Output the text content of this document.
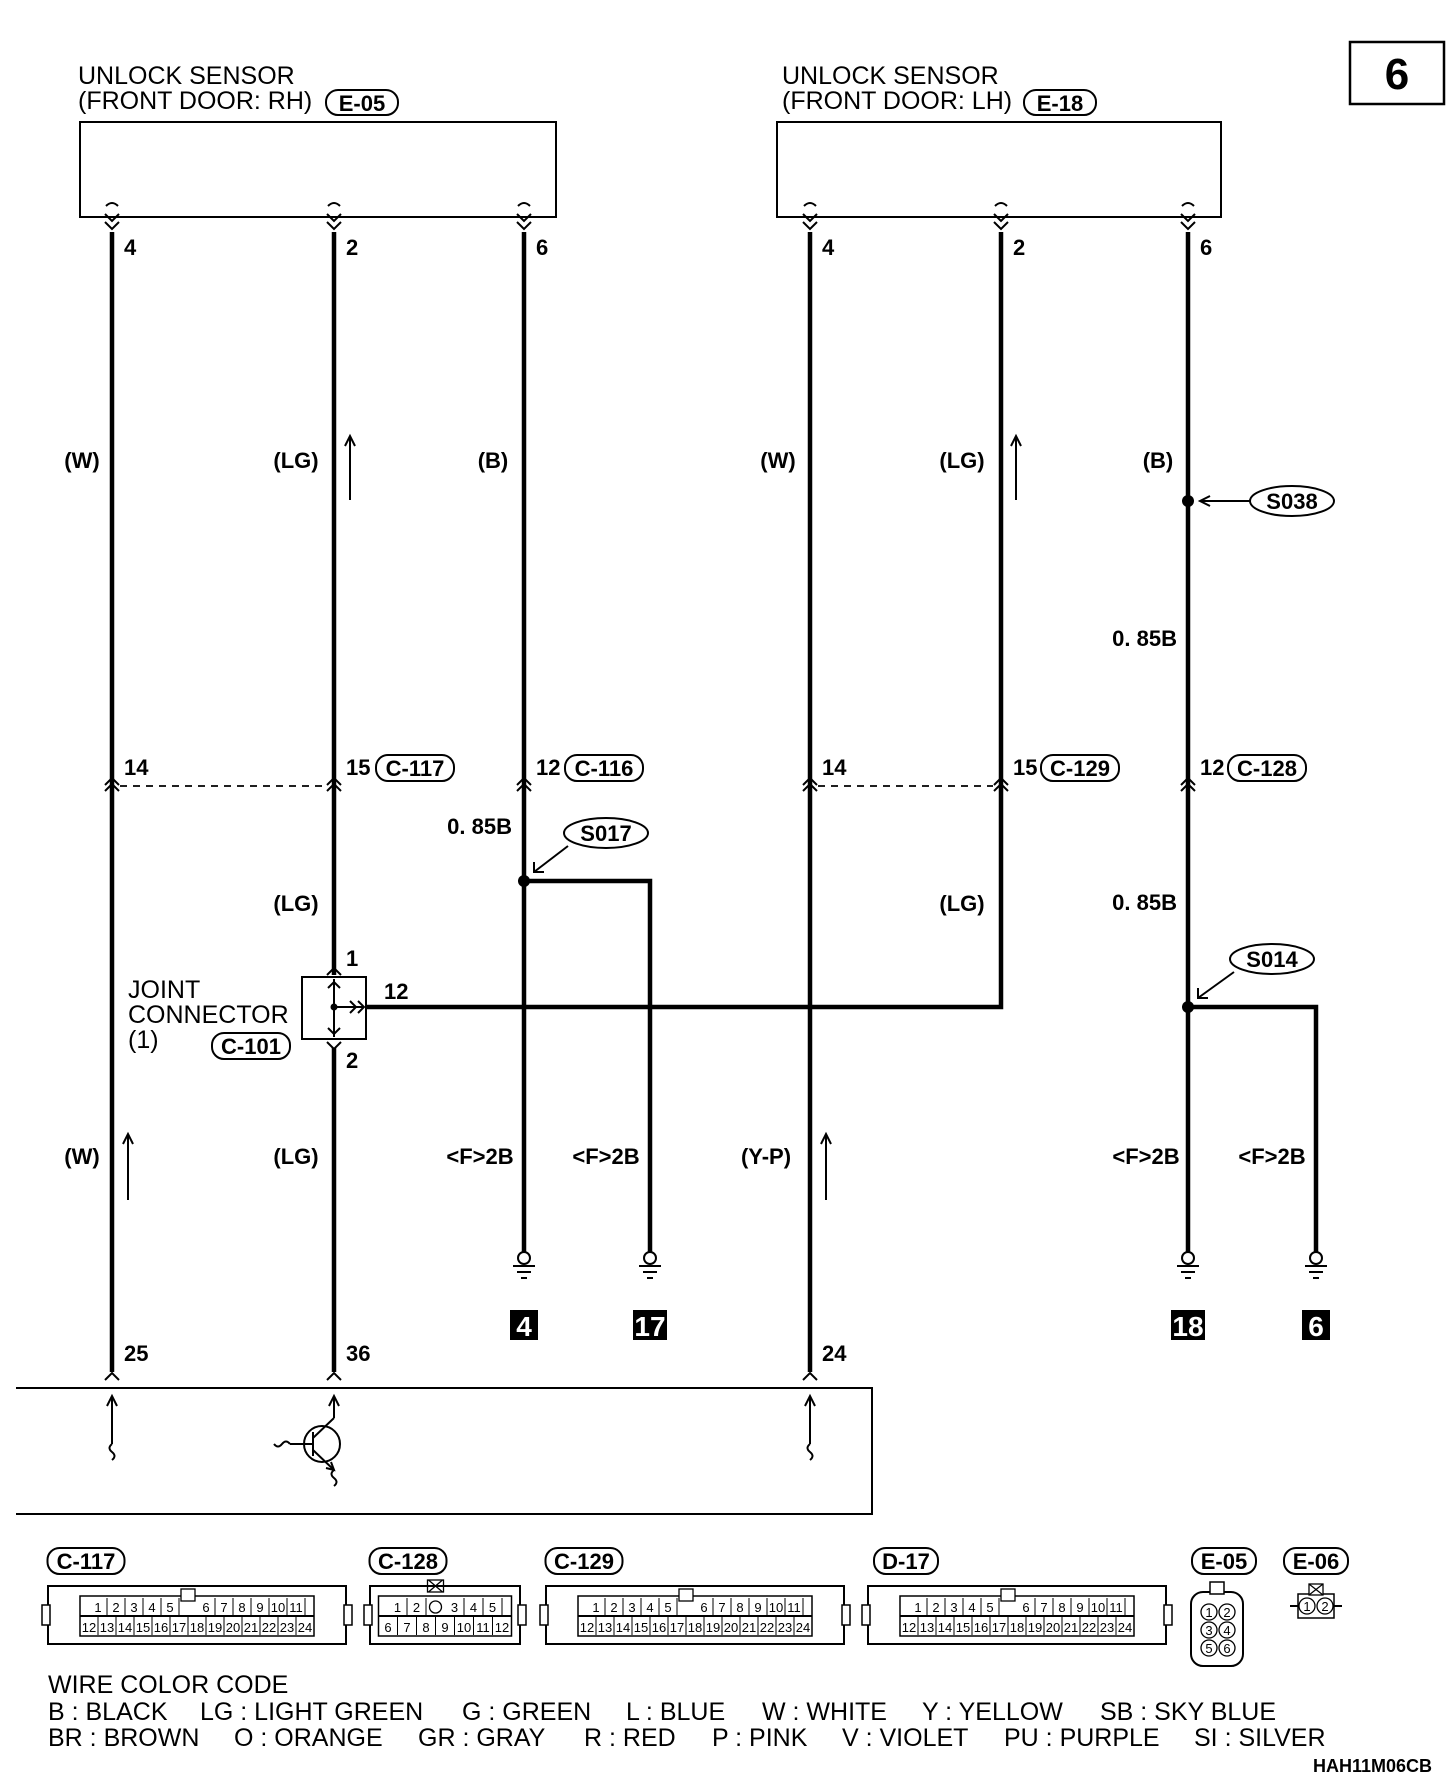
6
UNLOCK SENSOR
(FRONT DOOR: RH) E-05
UNLOCK SENSOR
(FRONT DOOR: LH) E-18
4	2	6	4	2	6
(W)	(LG)	(B)	(W)	(LG)	(B)
S038
0. 85B
14	15 C-117	12 C-116	14	15 C-129	12 C-128
0. 85B	S017
(LG)	(LG)	0. 85B
S014
JOINT
CONNECTOR
(1)	C-101
1
12
2
(W)	(LG)	<F>2B	<F>2B	(Y-P)	<F>2B	<F>2B
4	17	18	6
25	36	24
C-117
1 2 3 4 5 6 7 8 9 10 11
12 13 14 15 16 17 18 19 20 21 22 23 24
C-128
1 2 3 4 5
6 7 8 9 10 11 12
C-129
1 2 3 4 5 6 7 8 9 10 11
12 13 14 15 16 17 18 19 20 21 22 23 24
D-17
1 2 3 4 5 6 7 8 9 10 11
12 13 14 15 16 17 18 19 20 21 22 23 24
E-05
1 2
3 4
5 6
E-06
1 2
WIRE COLOR CODE
B : BLACK LG : LIGHT GREEN G : GREEN L : BLUE W : WHITE Y : YELLOW SB : SKY BLUE
BR : BROWN O : ORANGE GR : GRAY R : RED P : PINK V : VIOLET PU : PURPLE SI : SILVER
HAH11M06CB
